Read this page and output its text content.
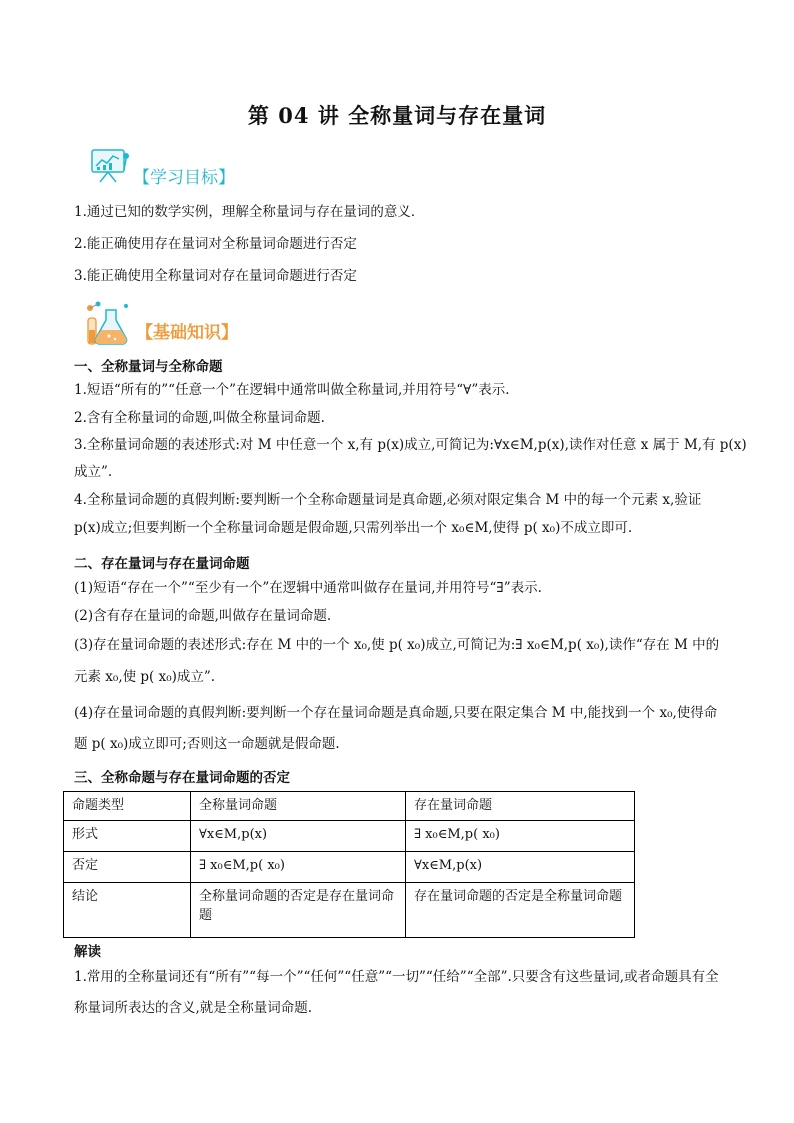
第 04 讲 全称量词与存在量词
【学习目标】
1.通过已知的数学实例，理解全称量词与存在量词的意义．
2.能正确使用存在量词对全称量词命题进行否定
3.能正确使用全称量词对存在量词命题进行否定
【基础知识】
一、全称量词与全称命题
1.短语“所有的”“任意一个”在逻辑中通常叫做全称量词,并用符号“∀”表示.
2.含有全称量词的命题,叫做全称量词命题.
3.全称量词命题的表述形式:对 M 中任意一个 x,有 p(x)成立,可简记为:∀x∈M,p(x),读作对任意 x 属于 M,有 p(x)
成立”.
4.全称量词命题的真假判断:要判断一个全称命题量词是真命题,必须对限定集合 M 中的每一个元素 x,验证
p(x)成立;但要判断一个全称量词命题是假命题,只需列举出一个 x₀∈M,使得 p( x₀)不成立即可.
二、存在量词与存在量词命题
(1)短语“存在一个”“至少有一个”在逻辑中通常叫做存在量词,并用符号“∃”表示.
(2)含有存在量词的命题,叫做存在量词命题.
(3)存在量词命题的表述形式:存在 M 中的一个 x₀,使 p( x₀)成立,可简记为:∃ x₀∈M,p( x₀),读作“存在 M 中的
元素 x₀,使 p( x₀)成立”.
(4)存在量词命题的真假判断:要判断一个存在量词命题是真命题,只要在限定集合 M 中,能找到一个 x₀,使得命
题 p( x₀)成立即可;否则这一命题就是假命题.
三、全称命题与存在量词命题的否定
命题类型	全称量词命题	存在量词命题
形式	∀x∈M,p(x)	∃ x₀∈M,p( x₀)
否定	∃ x₀∈M,p( x₀)	∀x∈M,p(x)
结论	全称量词命题的否定是存在量词命题	存在量词命题的否定是全称量词命题
解读
1.常用的全称量词还有“所有”“每一个”“任何”“任意”“一切”“任给”“全部”.只要含有这些量词,或者命题具有全
称量词所表达的含义,就是全称量词命题.
